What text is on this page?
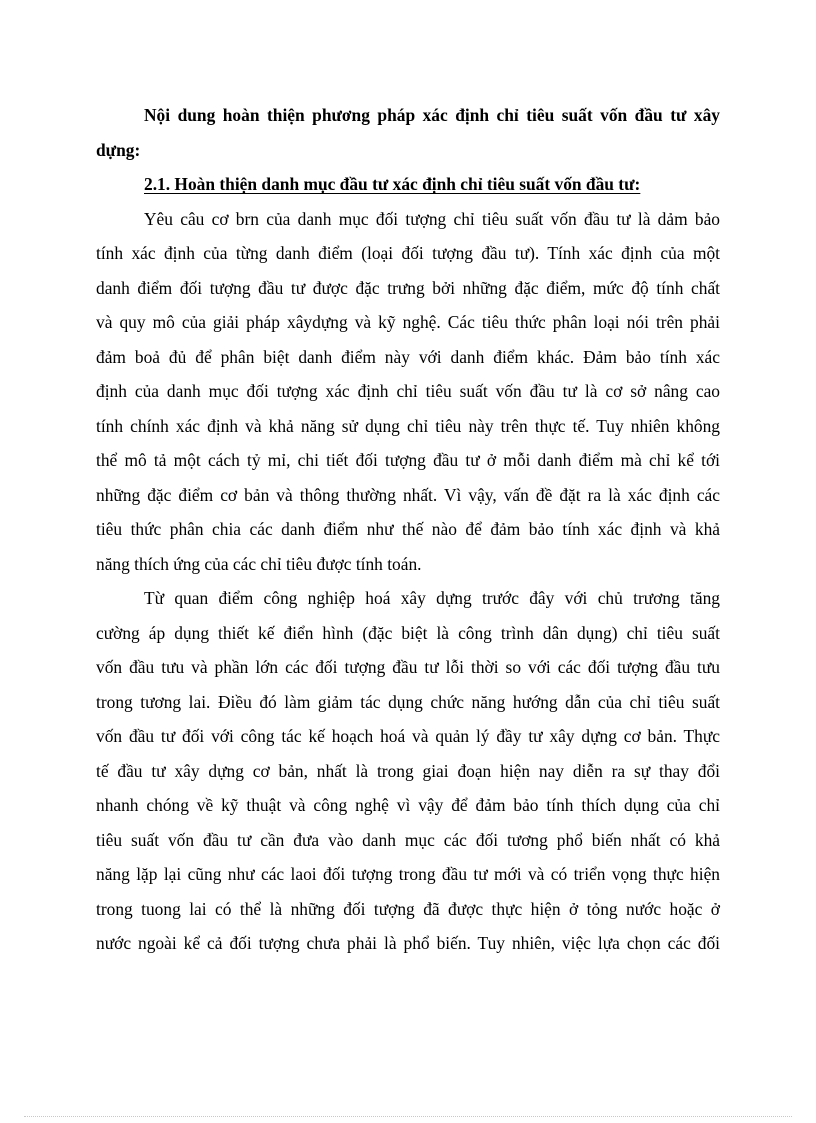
Nội dung hoàn thiện phương pháp xác định chỉ tiêu suất vốn đầu tư xây
dựng:
2.1. Hoàn thiện danh mục đầu tư xác định chỉ tiêu suất vốn đầu tư:
Yêu câu cơ brn của danh mục đối tượng chỉ tiêu suất vốn đầu tư là dảm bảo
tính xác định của từng danh điểm (loại đối tượng đầu tư). Tính xác định của một
danh điểm đối tượng đầu tư được đặc trưng bởi những đặc điểm, mức độ tính chất
và quy mô của giải pháp xâydựng và kỹ nghệ. Các tiêu thức phân loại nói trên phải
đảm boả đủ để phân biệt danh điểm này với danh điểm khác. Đảm bảo tính xác
định của danh mục đối tượng xác định chỉ tiêu suất vốn đầu tư là cơ sở nâng cao
tính chính xác định và khả năng sử dụng chỉ tiêu này trên thực tế. Tuy nhiên không
thể mô tả một cách tỷ mỉ, chi tiết đối tượng đầu tư ở mỗi danh điểm mà chỉ kể tới
những đặc điểm cơ bản và thông thường nhất. Vì vậy, vấn đề đặt ra là xác định các
tiêu thức phân chia các danh điểm như thế nào để đảm bảo tính xác định và khả
năng thích ứng của các chỉ tiêu được tính toán.
Từ quan điểm công nghiệp hoá xây dựng trước đây với chủ trương tăng
cường áp dụng thiết kế điển hình (đặc biệt là công trình dân dụng) chỉ tiêu suất
vốn đầu tưu và phần lớn các đối tượng đầu tư lỗi thời so với các đối tượng đầu tưu
trong tương lai. Điều đó làm giảm tác dụng chức năng hướng dẫn của chỉ tiêu suất
vốn đầu tư đối với công tác kế hoạch hoá và quản lý đầy tư xây dựng cơ bản. Thực
tế đầu tư xây dựng cơ bản, nhất là trong giai đoạn hiện nay diễn ra sự thay đổi
nhanh chóng về kỹ thuật và công nghệ vì vậy để đảm bảo tính thích dụng của chỉ
tiêu suất vốn đầu tư cần đưa vào danh mục các đối tương phổ biến nhất có khả
năng lặp lại cũng như các laoi đối tượng trong đầu tư mới và có triển vọng thực hiện
trong tuong lai có thể là những đối tượng đã được thực hiện ở tỏng nước hoặc ở
nước ngoài kể cả đối tượng chưa phải là phổ biến. Tuy nhiên, việc lựa chọn các đối
